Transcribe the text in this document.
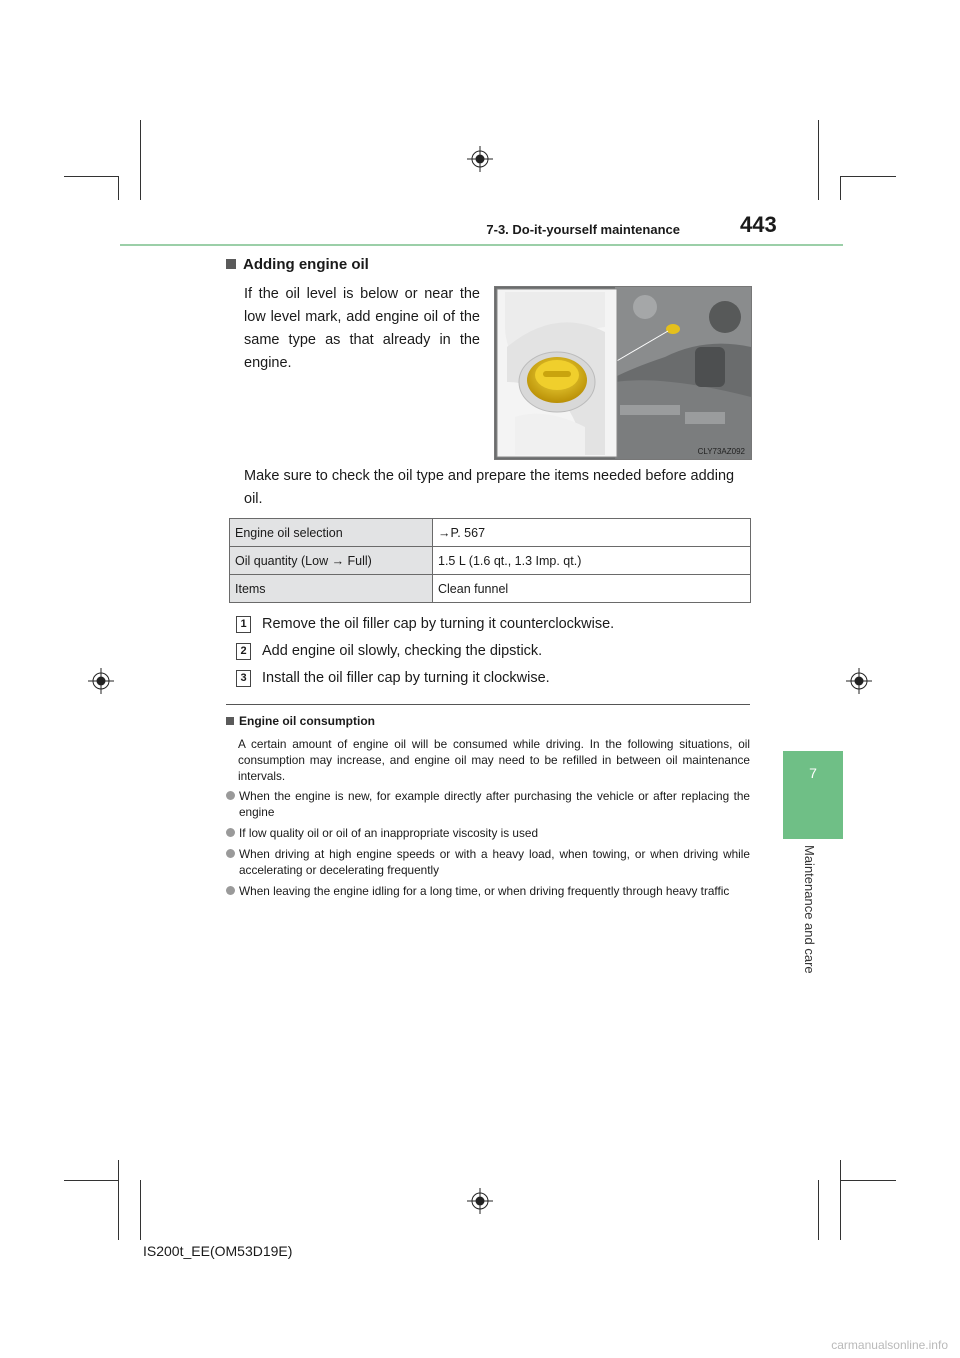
7-3. Do-it-yourself maintenance	443
7
Maintenance and care
Adding engine oil
If the oil level is below or near the low level mark, add engine oil of the same type as that already in the engine.
CLY73AZ092
Make sure to check the oil type and prepare the items needed before adding oil.
Engine oil selection	→P. 567
Oil quantity (Low → Full)	1.5 L (1.6 qt., 1.3 Imp. qt.)
Items	Clean funnel
1 Remove the oil filler cap by turning it counterclockwise.
2 Add engine oil slowly, checking the dipstick.
3 Install the oil filler cap by turning it clockwise.
Engine oil consumption
A certain amount of engine oil will be consumed while driving. In the following situations, oil consumption may increase, and engine oil may need to be refilled in between oil maintenance intervals.
When the engine is new, for example directly after purchasing the vehicle or after replacing the engine
If low quality oil or oil of an inappropriate viscosity is used
When driving at high engine speeds or with a heavy load, when towing, or when driving while accelerating or decelerating frequently
When leaving the engine idling for a long time, or when driving frequently through heavy traffic
IS200t_EE(OM53D19E)
carmanualsonline.info
